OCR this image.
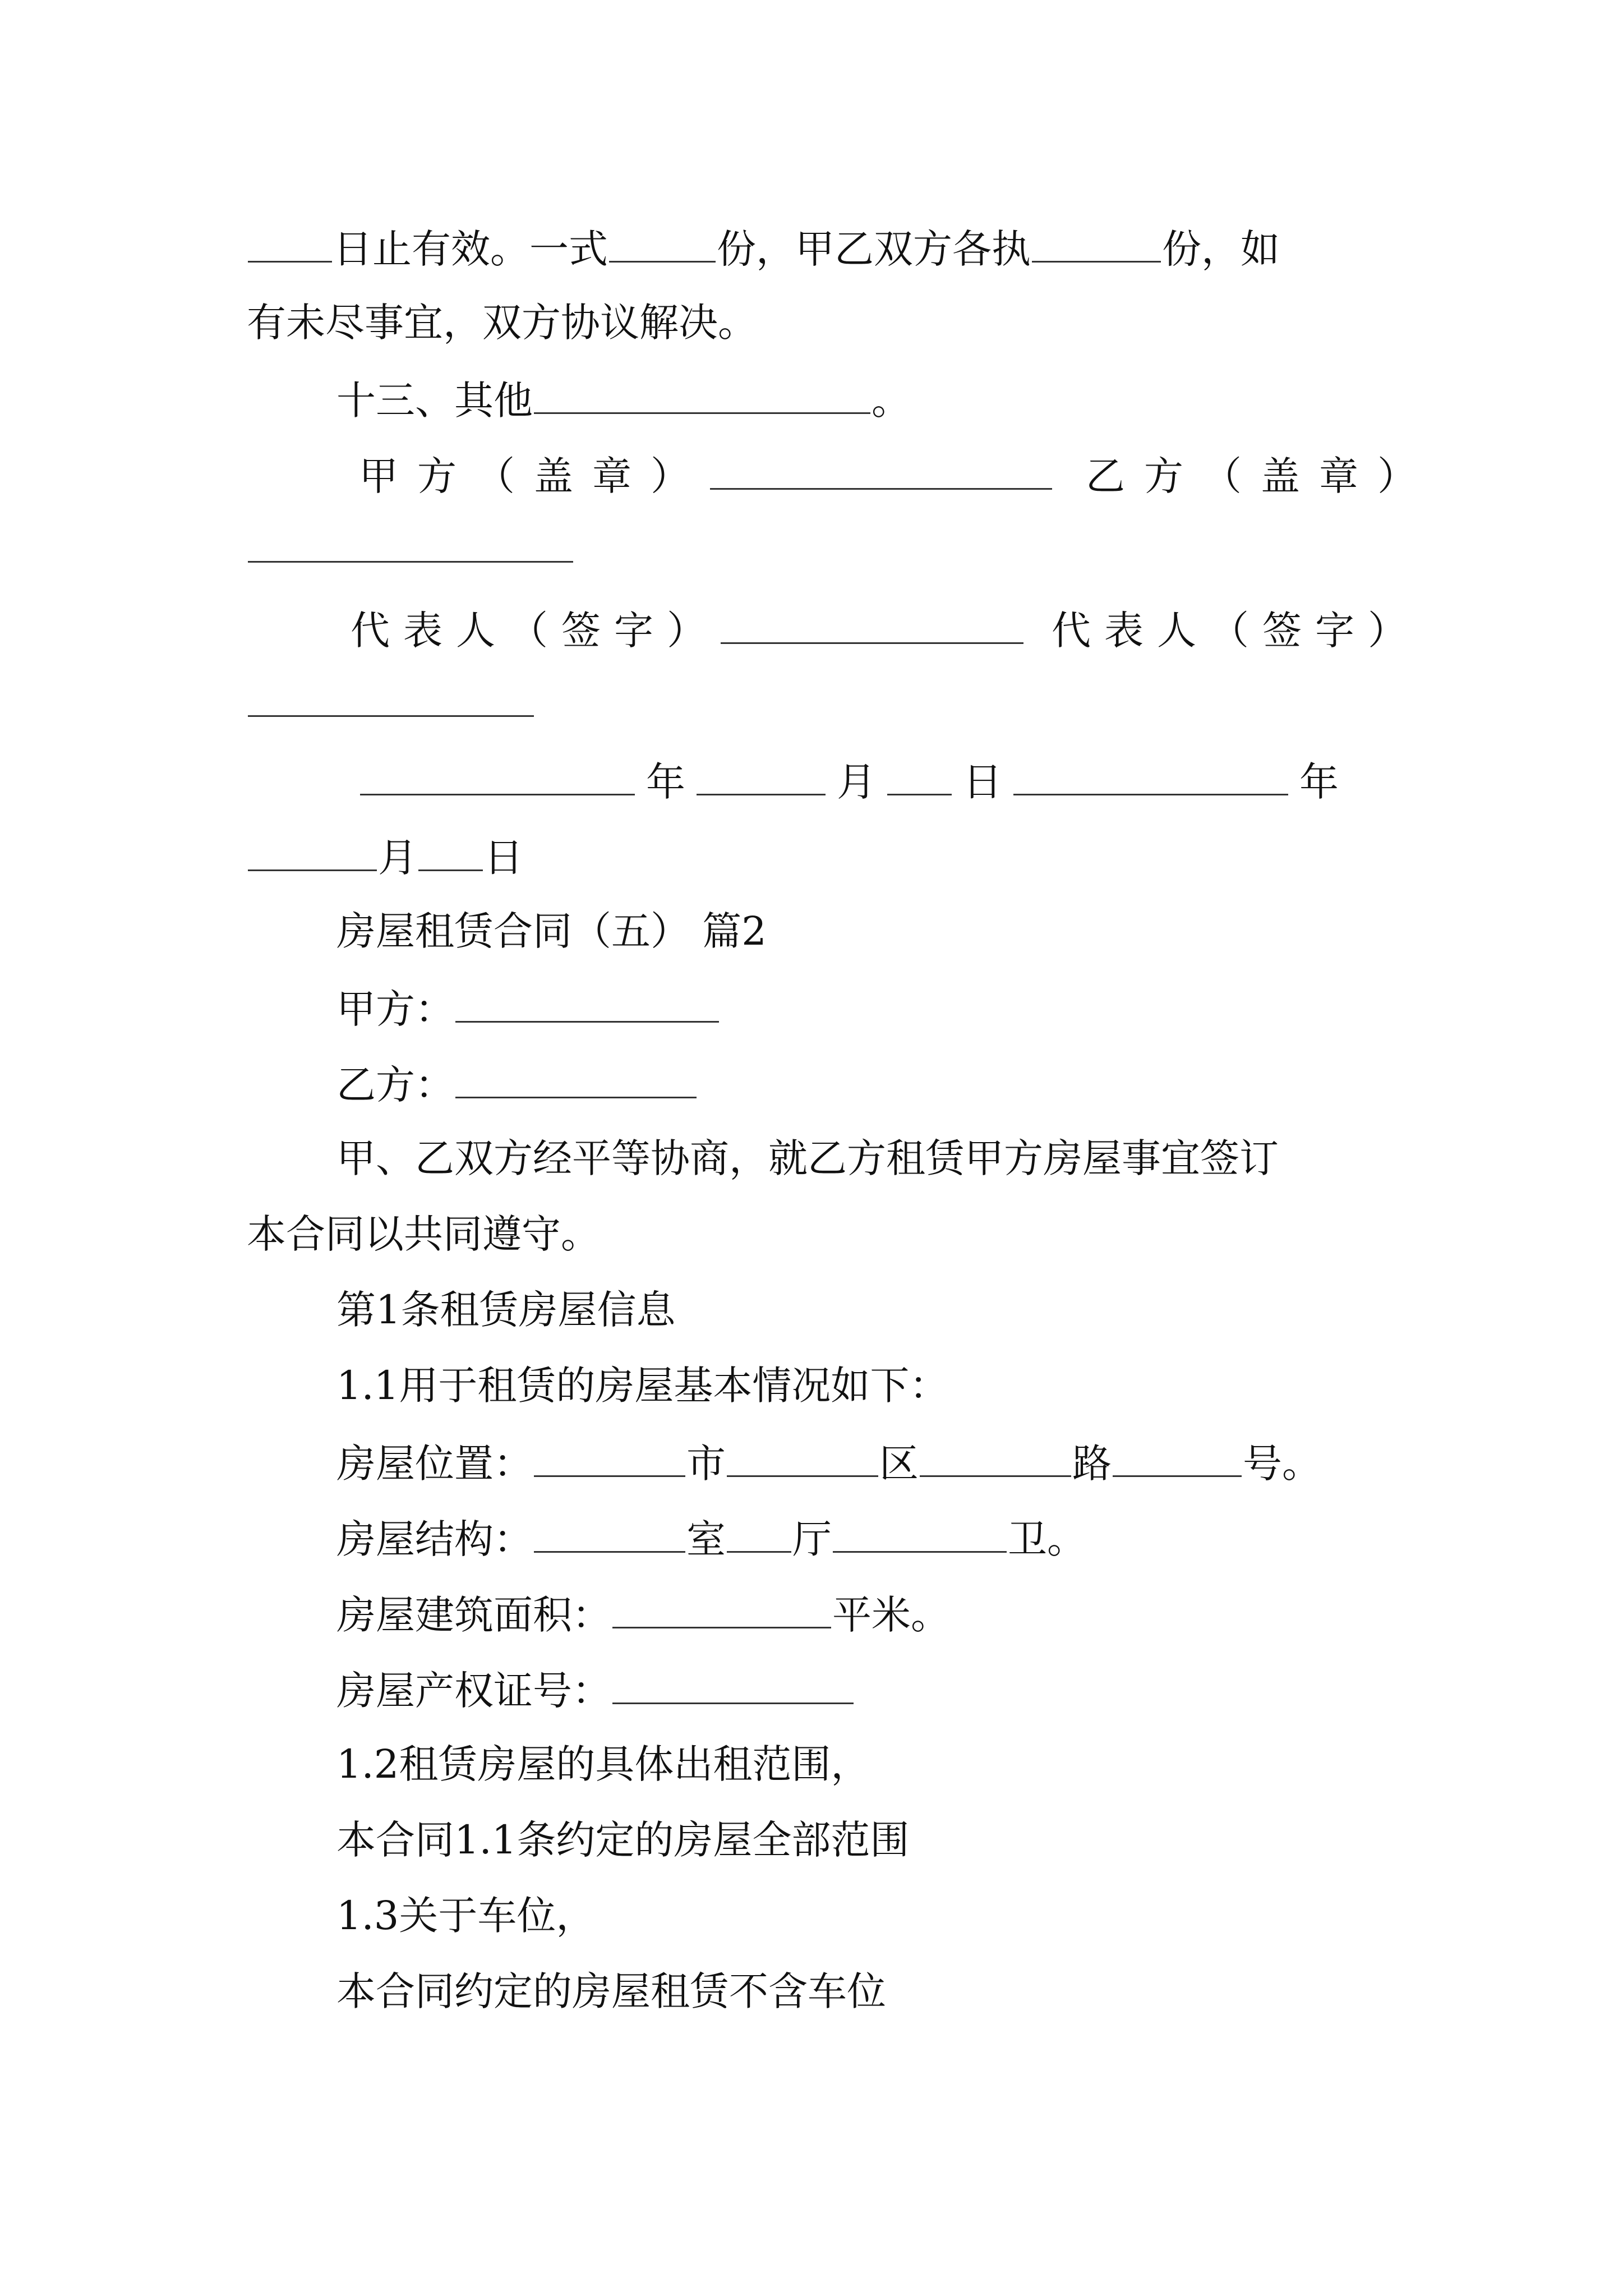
日止有效。一式	份，甲乙双方各执	份，如
有未尽事宜，双方协议解决。
十三、其他	。
甲方（盖章）	乙方（盖章）
代表人（签字）	代表人（签字）
年	月 日	年
月 日
房屋租赁合同（五） 篇2
甲方：
乙方：
甲、乙双方经平等协商，就乙方租赁甲方房屋事宜签订
本合同以共同遵守。
第1条租赁房屋信息
1.1用于租赁的房屋基本情况如下：
房屋位置：	市	区	路	号。
房屋结构：	室 厅	卫。
房屋建筑面积：	平米。
房屋产权证号：
1.2租赁房屋的具体出租范围，
本合同1.1条约定的房屋全部范围
1.3关于车位，
本合同约定的房屋租赁不含车位
